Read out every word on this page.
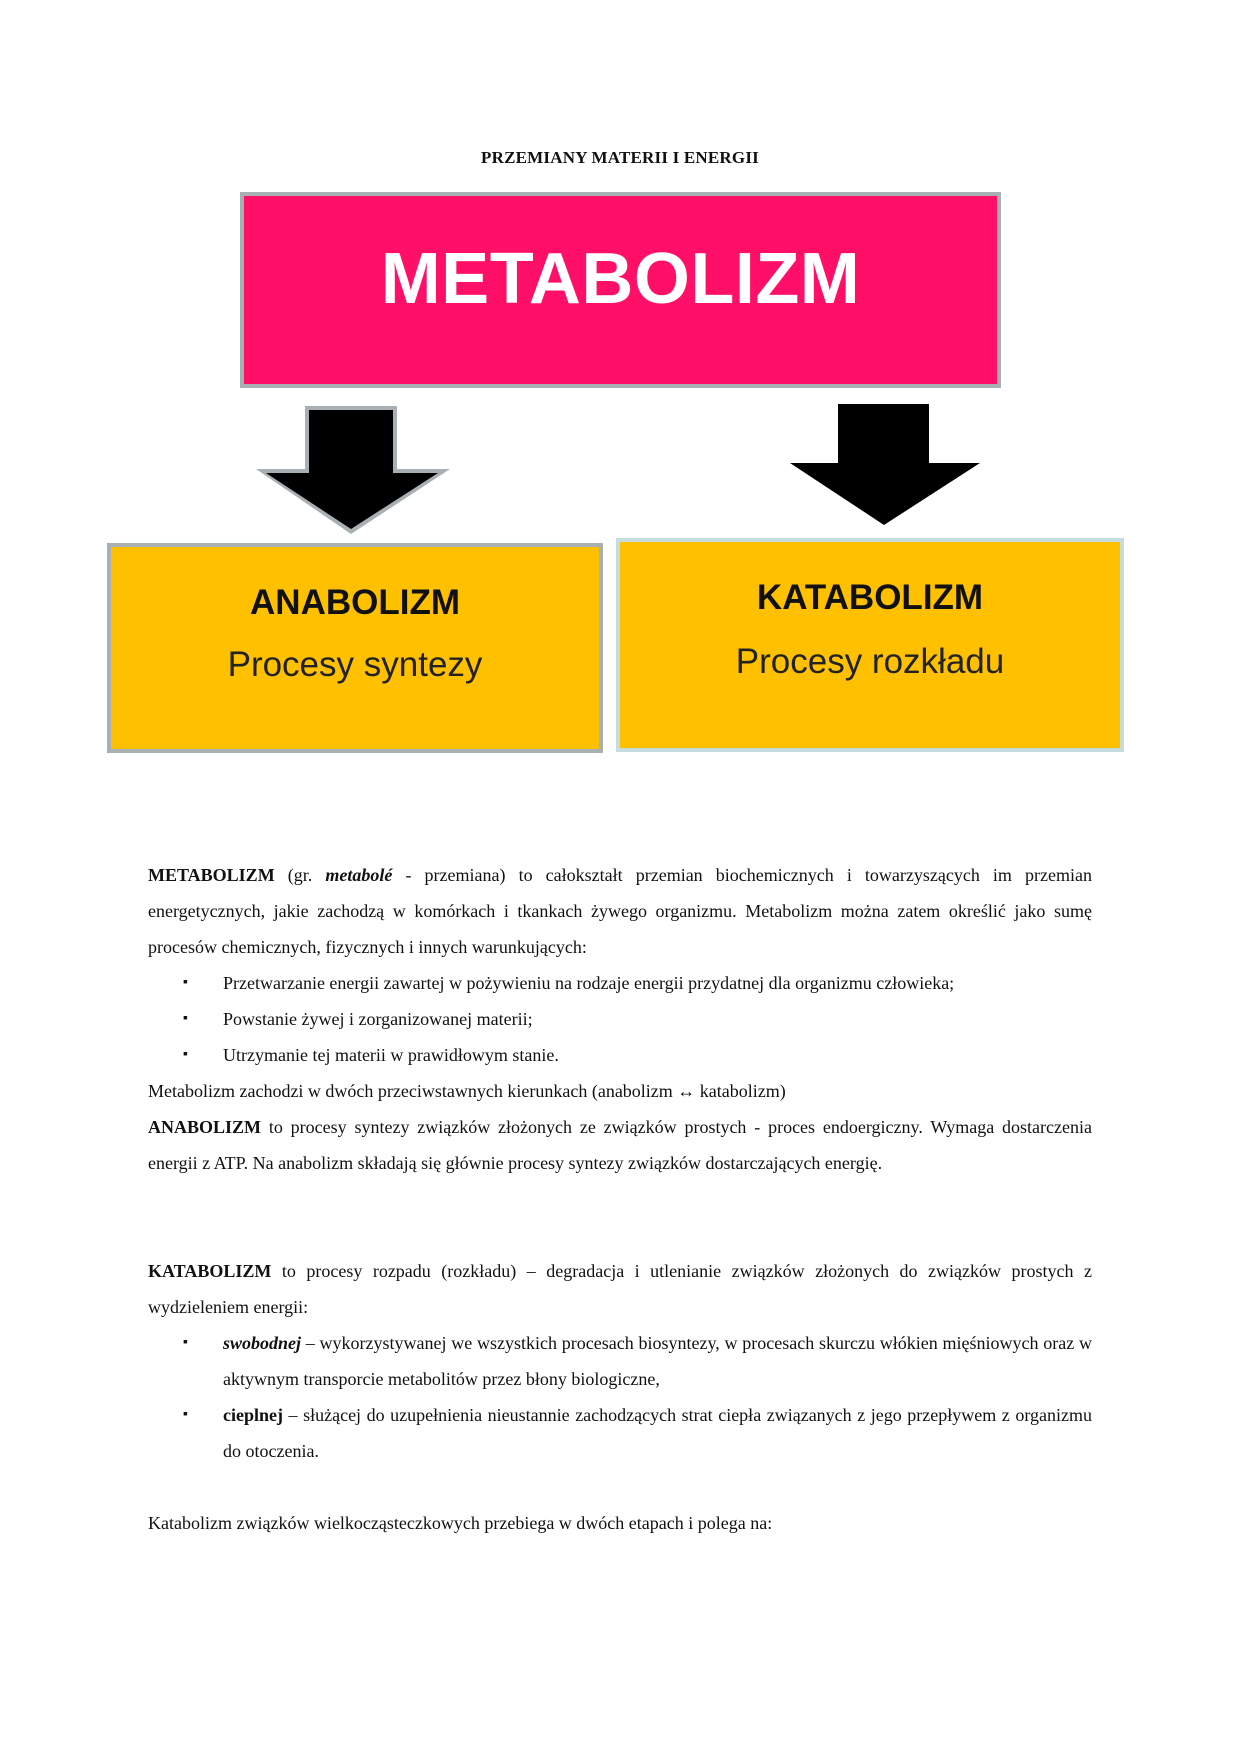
PRZEMIANY MATERII I ENERGII
METABOLIZM
ANABOLIZM
Procesy syntezy
KATABOLIZM
Procesy rozkładu
METABOLIZM (gr. metabolé - przemiana) to całokształt przemian biochemicznych i towarzyszących im przemian energetycznych, jakie zachodzą w komórkach i tkankach żywego organizmu. Metabolizm można zatem określić jako sumę procesów chemicznych, fizycznych i innych warunkujących:
▪ Przetwarzanie energii zawartej w pożywieniu na rodzaje energii przydatnej dla organizmu człowieka;
▪ Powstanie żywej i zorganizowanej materii;
▪ Utrzymanie tej materii w prawidłowym stanie.
Metabolizm zachodzi w dwóch przeciwstawnych kierunkach (anabolizm ↔ katabolizm)
ANABOLIZM to procesy syntezy związków złożonych ze związków prostych - proces endoergiczny. Wymaga dostarczenia energii z ATP. Na anabolizm składają się głównie procesy syntezy związków dostarczających energię.
KATABOLIZM to procesy rozpadu (rozkładu) – degradacja i utlenianie związków złożonych do związków prostych z wydzieleniem energii:
▪ swobodnej – wykorzystywanej we wszystkich procesach biosyntezy, w procesach skurczu włókien mięśniowych oraz w aktywnym transporcie metabolitów przez błony biologiczne,
▪ cieplnej – służącej do uzupełnienia nieustannie zachodzących strat ciepła związanych z jego przepływem z organizmu do otoczenia.
Katabolizm związków wielkocząsteczkowych przebiega w dwóch etapach i polega na:
